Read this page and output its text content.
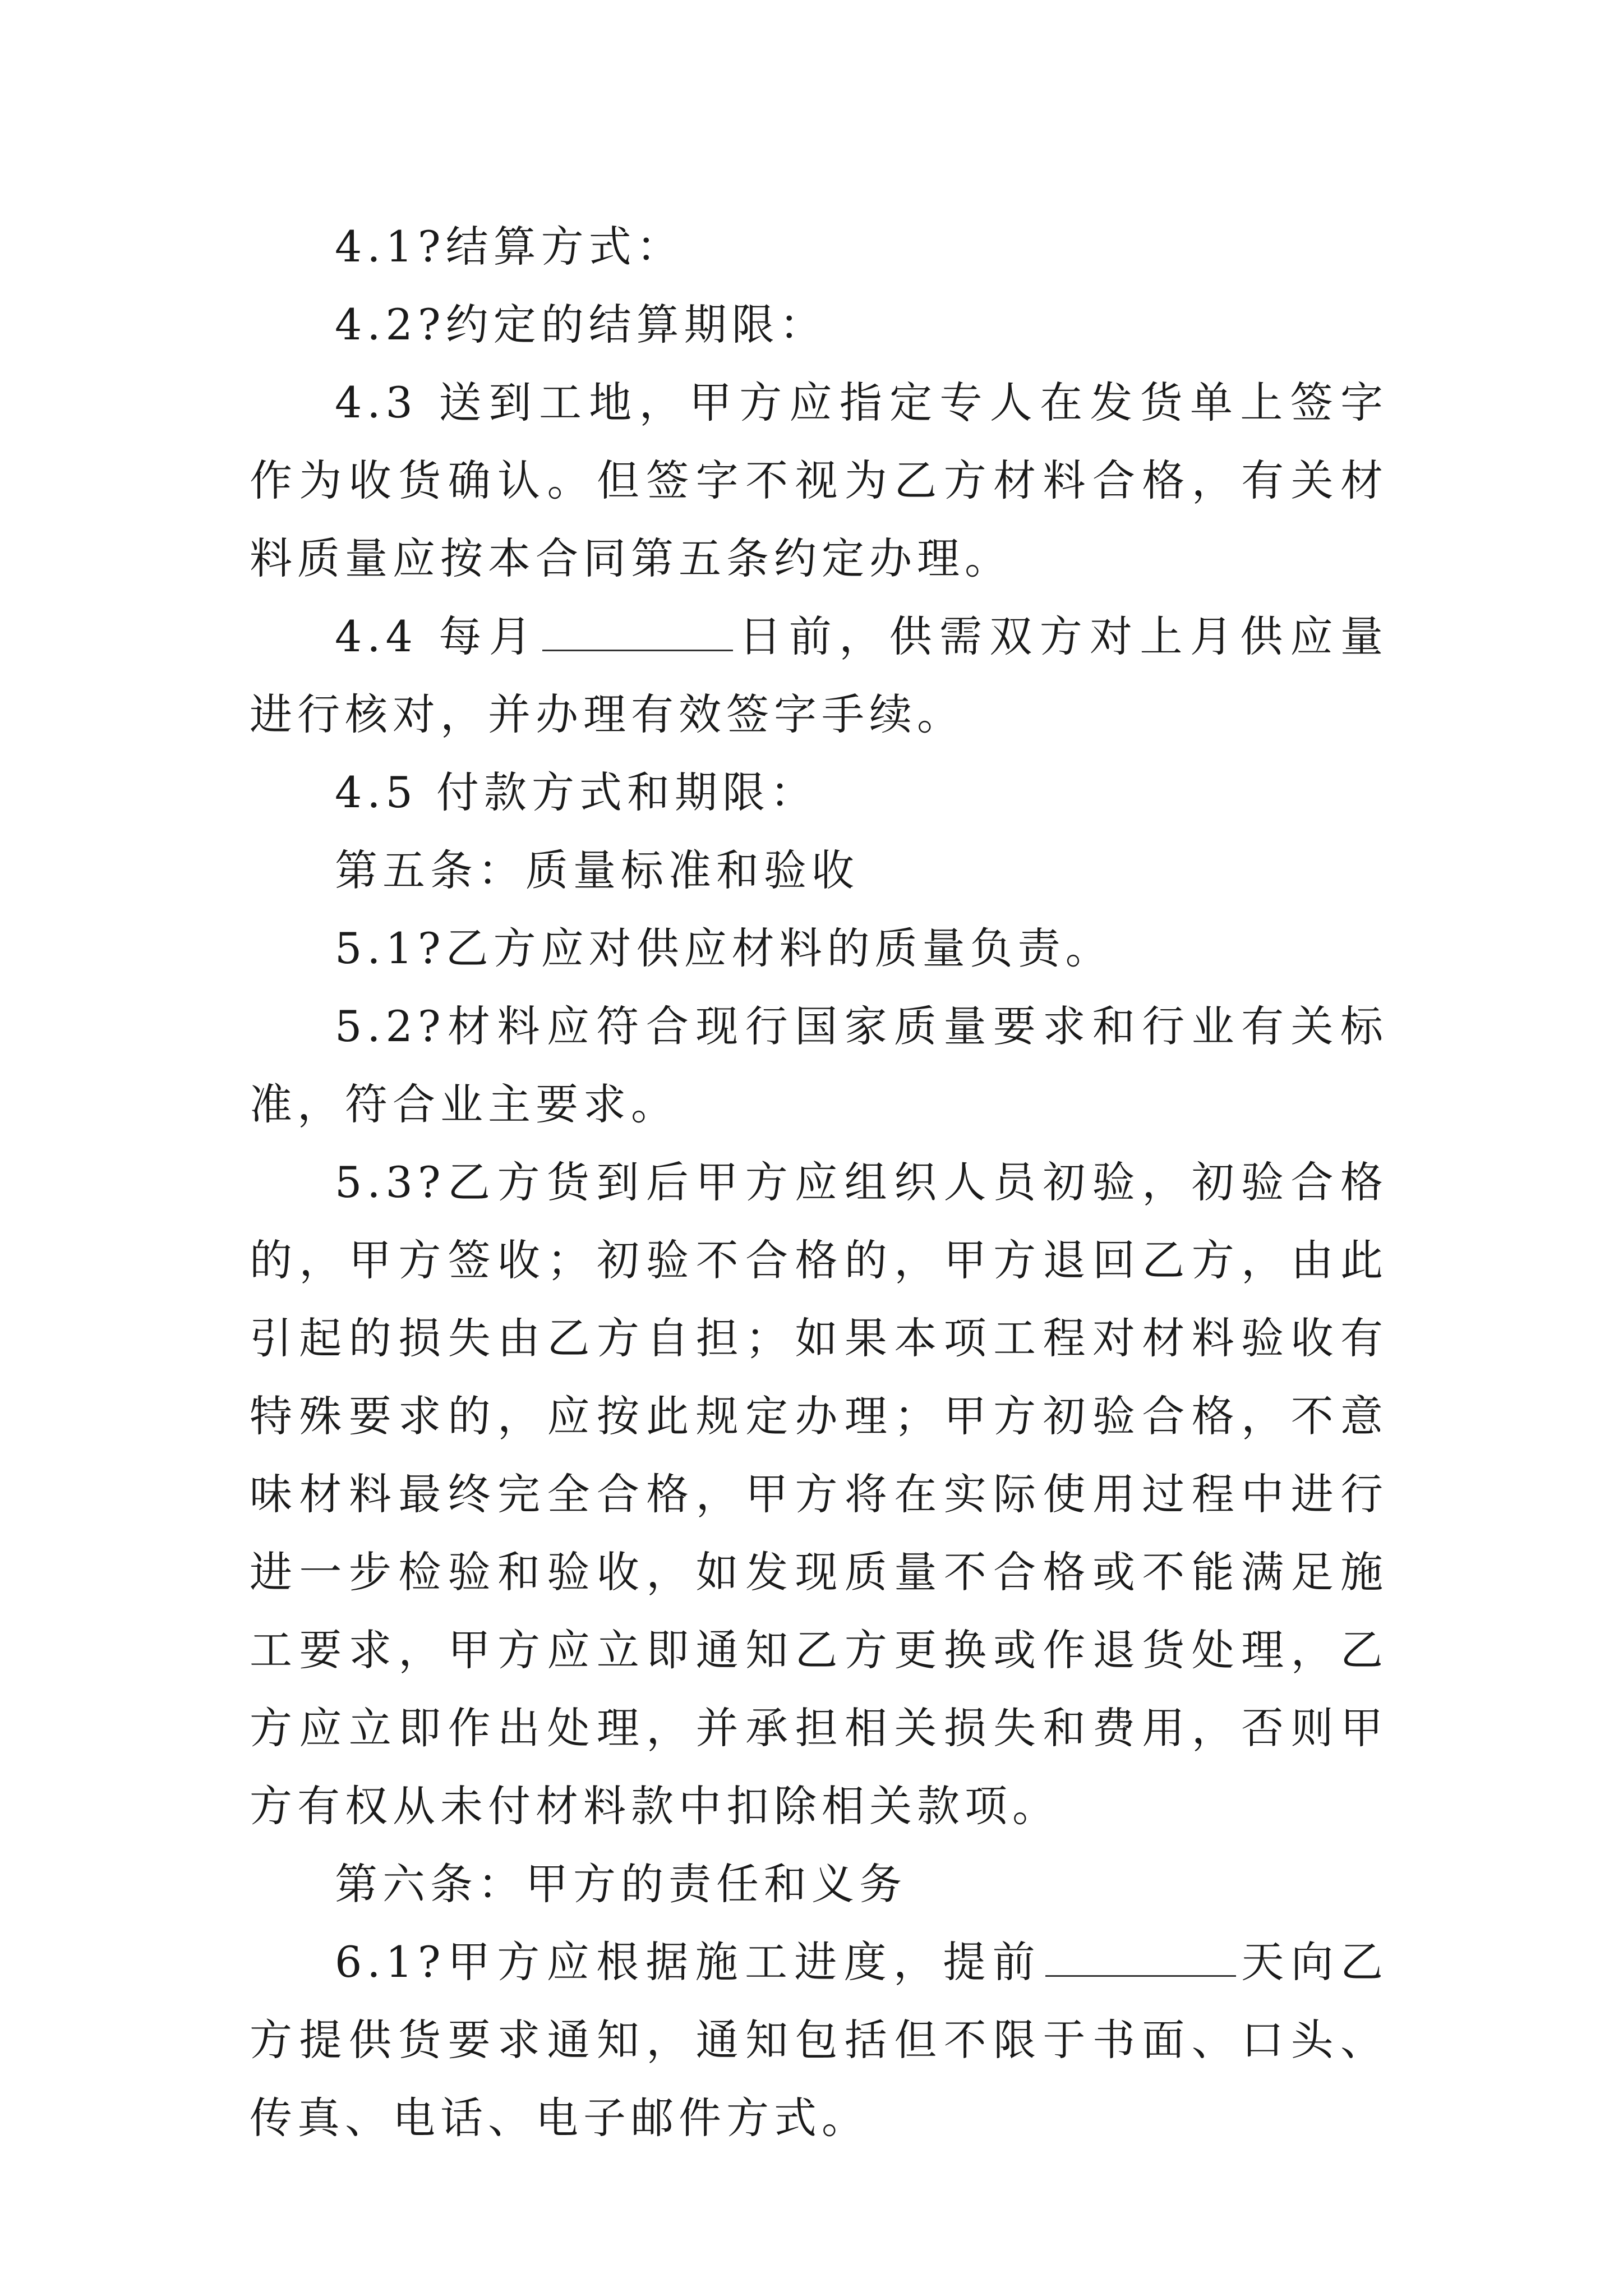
4.1?结算方式：

4.2?约定的结算期限：

4.3 送到工地，甲方应指定专人在发货单上签字作为收货确认。但签字不视为乙方材料合格，有关材料质量应按本合同第五条约定办理。

4.4 每月	日前，供需双方对上月供应量进行核对，并办理有效签字手续。

4.5 付款方式和期限：

第五条：质量标准和验收

5.1?乙方应对供应材料的质量负责。

5.2?材料应符合现行国家质量要求和行业有关标准，符合业主要求。

5.3?乙方货到后甲方应组织人员初验，初验合格的，甲方签收；初验不合格的，甲方退回乙方，由此引起的损失由乙方自担；如果本项工程对材料验收有特殊要求的，应按此规定办理；甲方初验合格，不意味材料最终完全合格，甲方将在实际使用过程中进行进一步检验和验收，如发现质量不合格或不能满足施工要求，甲方应立即通知乙方更换或作退货处理，乙方应立即作出处理，并承担相关损失和费用，否则甲方有权从未付材料款中扣除相关款项。

第六条：甲方的责任和义务

6.1?甲方应根据施工进度，提前	天向乙方提供货要求通知，通知包括但不限于书面、口头、传真、电话、电子邮件方式。
